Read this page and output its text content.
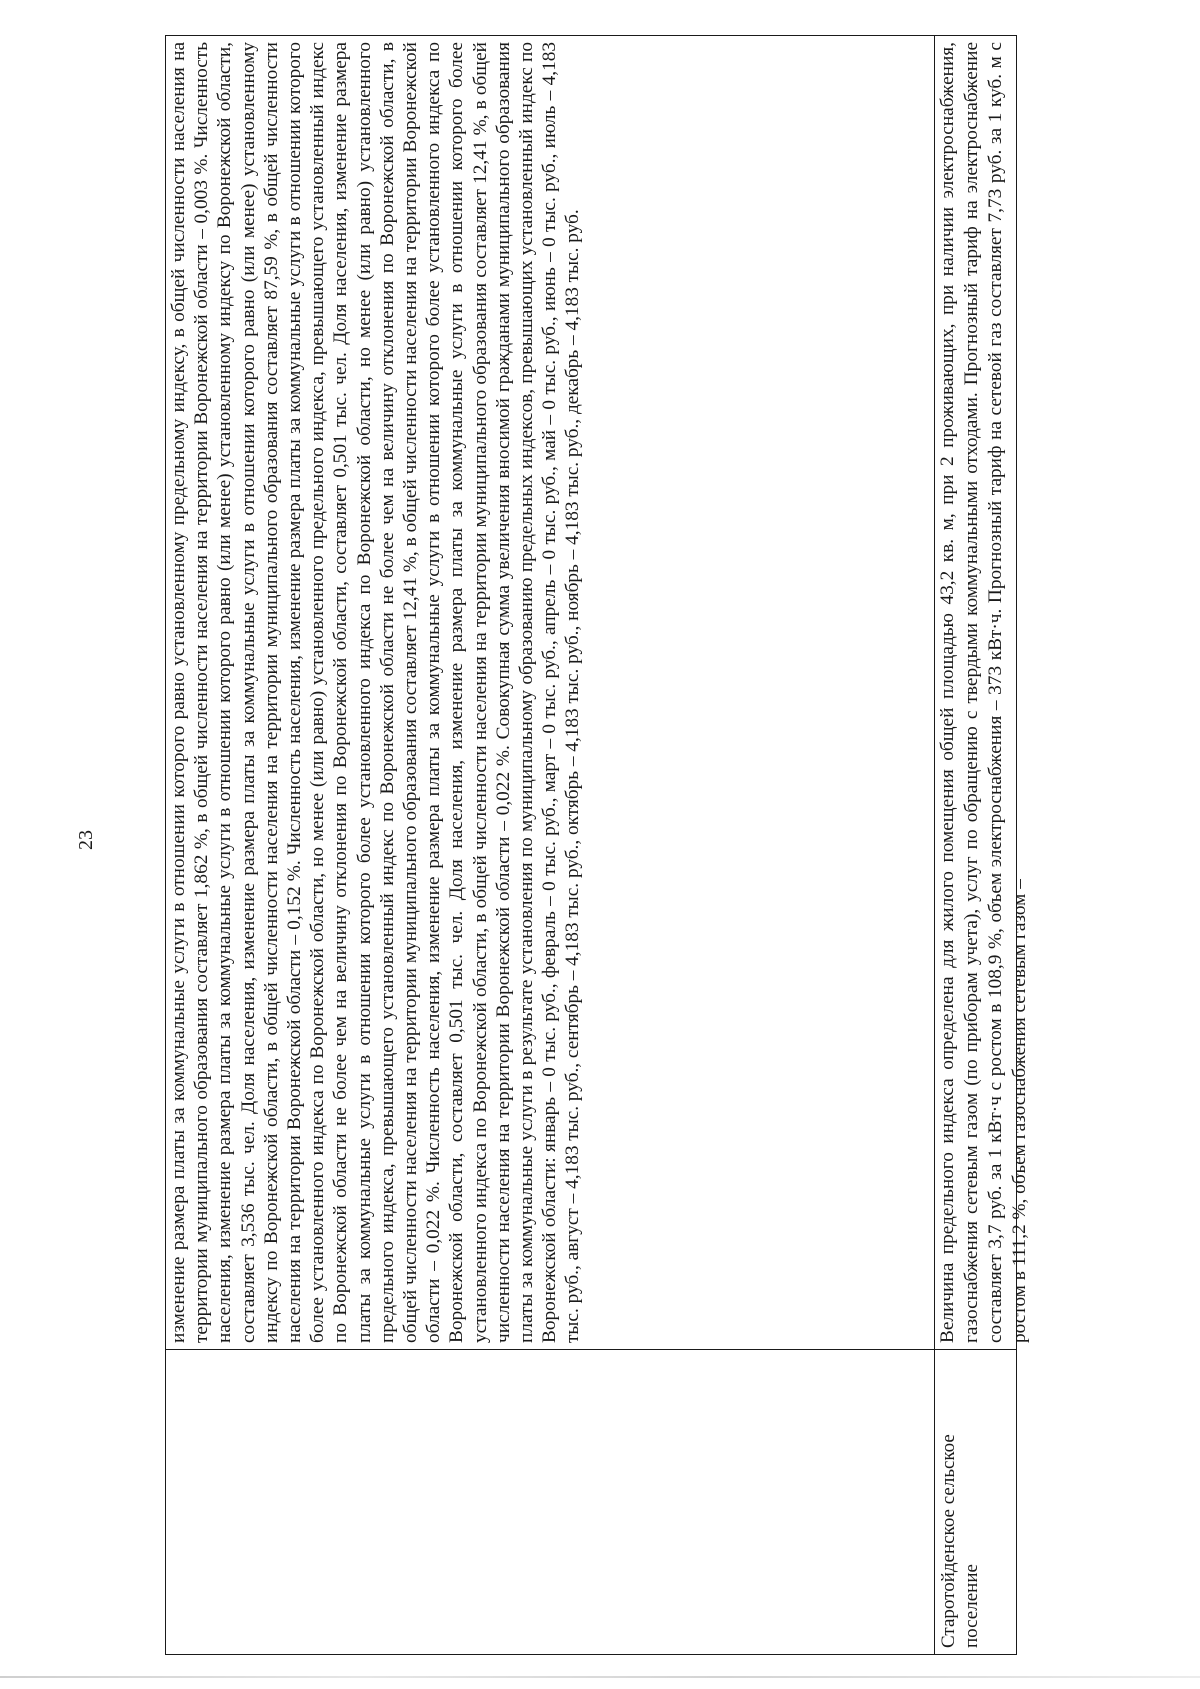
23	изменение размера платы за коммунальные услуги в отношении которого равно установленному предельному индексу, в общей численности населения на территории муниципального образования составляет 1,862 %, в общей численности населения на территории Воронежской области – 0,003 %. Численность населения, изменение размера платы за коммунальные услуги в отношении которого равно (или менее) установленному индексу по Воронежской области, составляет 3,536 тыс. чел. Доля населения, изменение размера платы за коммунальные услуги в отношении которого равно (или менее) установленному индексу по Воронежской области, в общей численности населения на территории муниципального образования составляет 87,59 %, в общей численности населения на территории Воронежской области – 0,152 %. Численность населения, изменение размера платы за коммунальные услуги в отношении которого более установленного индекса по Воронежской области, но менее (или равно) установленного предельного индекса, превышающего установленный индекс по Воронежской области не более чем на величину отклонения по Воронежской области, составляет 0,501 тыс. чел. Доля населения, изменение размера платы за коммунальные услуги в отношении которого более установленного индекса по Воронежской области, но менее (или равно) установленного предельного индекса, превышающего установленный индекс по Воронежской области не более чем на величину отклонения по Воронежской области, в общей численности населения на территории муниципального образования составляет 12,41 %, в общей численности населения на территории Воронежской области – 0,022 %. Численность населения, изменение размера платы за коммунальные услуги в отношении которого более установленного индекса по Воронежской области, составляет 0,501 тыс. чел. Доля населения, изменение размера платы за коммунальные услуги в отношении которого более установленного индекса по Воронежской области, в общей численности населения на территории муниципального образования составляет 12,41 %, в общей численности населения на территории Воронежской области – 0,022 %. Совокупная сумма увеличения вносимой гражданами муниципального образования платы за коммунальные услуги в результате установления по муниципальному образованию предельных индексов, превышающих установленный индекс по Воронежской области: январь – 0 тыс. руб., февраль – 0 тыс. руб., март – 0 тыс. руб., апрель – 0 тыс. руб., май – 0 тыс. руб., июнь – 0 тыс. руб., июль – 4,183 тыс. руб., август – 4,183 тыс. руб., сентябрь – 4,183 тыс. руб., октябрь – 4,183 тыс. руб., ноябрь – 4,183 тыс. руб., декабрь – 4,183 тыс. руб.
Старотойденское сельское поселение
Величина предельного индекса определена для жилого помещения общей площадью 43,2 кв. м, при 2 проживающих, при наличии электроснабжения, газоснабжения сетевым газом (по приборам учета), услуг по обращению с твердыми коммунальными отходами. Прогнозный тариф на электроснабжение составляет 3,7 руб. за 1 кВт·ч с ростом в 108,9 %, объем электроснабжения – 373 кВт·ч. Прогнозный тариф на сетевой газ составляет 7,73 руб. за 1 куб. м с ростом в 111,2 %, объем газоснабжения сетевым газом –
